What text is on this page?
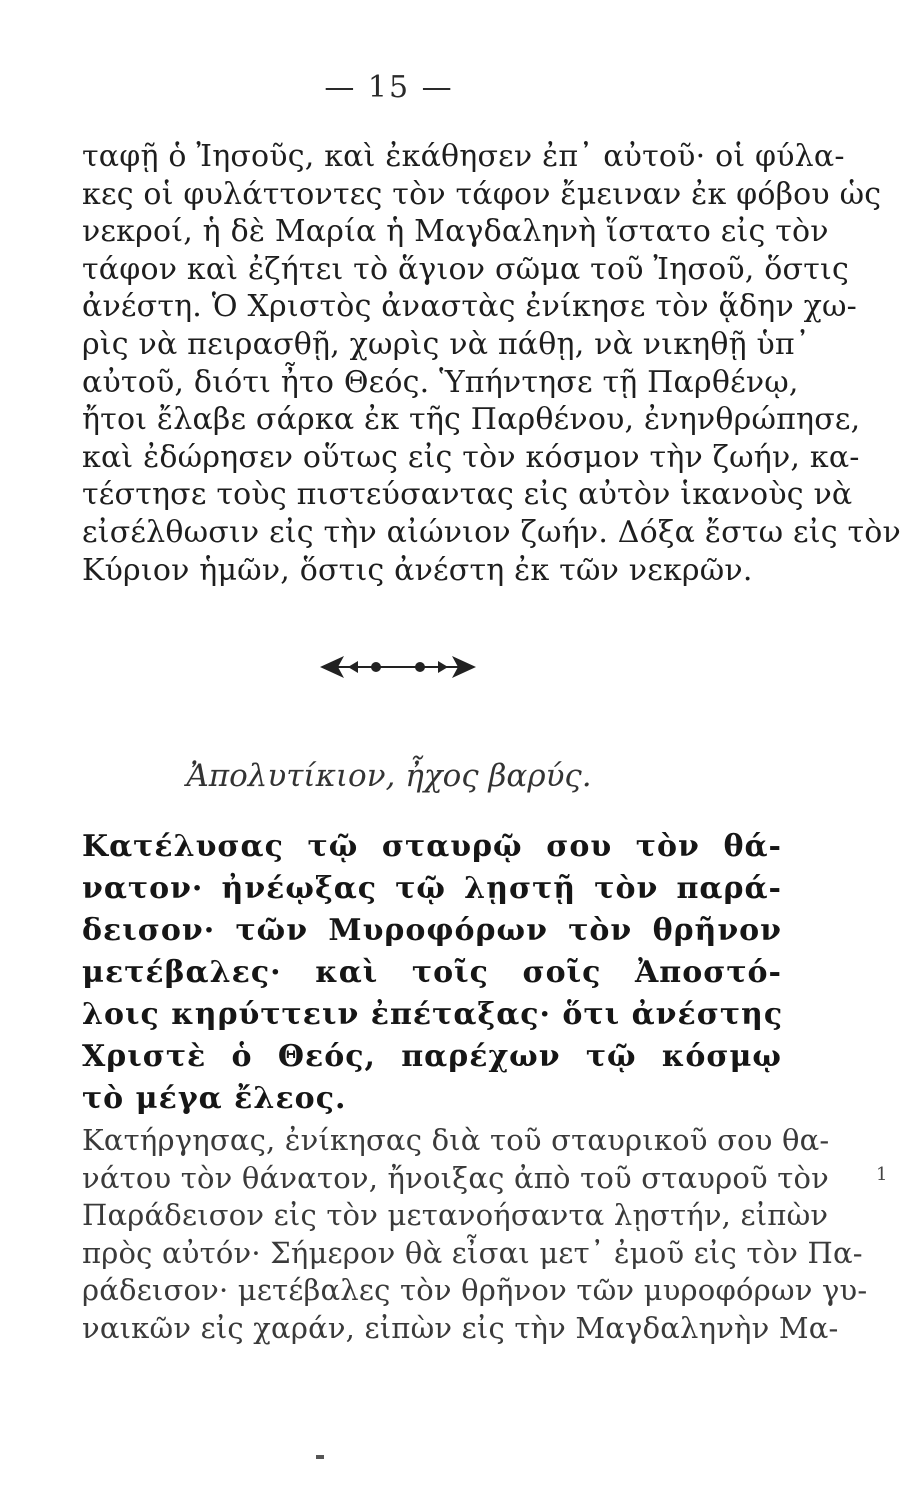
— 15 —
ταφῇ ὁ Ἰησοῦς, καὶ ἐκάθησεν ἐπ᾿ αὐτοῦ· οἱ φύλα-
κες οἱ φυλάττοντες τὸν τάφον ἔμειναν ἐκ φόβου ὡς
νεκροί, ἡ δὲ Μαρία ἡ Μαγδαληνὴ ἵστατο εἰς τὸν
τάφον καὶ ἐζήτει τὸ ἅγιον σῶμα τοῦ Ἰησοῦ, ὅστις
ἀνέστη. Ὁ Χριστὸς ἀναστὰς ἐνίκησε τὸν ᾅδην χω-
ρὶς νὰ πειρασθῇ, χωρὶς νὰ πάθῃ, νὰ νικηθῇ ὑπ᾿
αὐτοῦ, διότι ἦτο Θεός. Ὑπήντησε τῇ Παρθένῳ,
ἤτοι ἔλαβε σάρκα ἐκ τῆς Παρθένου, ἐνηνθρώπησε,
καὶ ἐδώρησεν οὕτως εἰς τὸν κόσμον τὴν ζωήν, κα-
τέστησε τοὺς πιστεύσαντας εἰς αὐτὸν ἱκανοὺς νὰ
εἰσέλθωσιν εἰς τὴν αἰώνιον ζωήν. Δόξα ἔστω εἰς τὸν
Κύριον ἡμῶν, ὅστις ἀνέστη ἐκ τῶν νεκρῶν.
Ἀπολυτίκιον, ἦχος βαρύς.
Κατέλυσας τῷ σταυρῷ σου τὸν θά-
νατον· ἠνέῳξας τῷ λῃστῇ τὸν παρά-
δεισον· τῶν Μυροφόρων τὸν θρῆνον
μετέβαλες· καὶ τοῖς σοῖς Ἀποστό-
λοις κηρύττειν ἐπέταξας· ὅτι ἀνέστης
Χριστὲ ὁ Θεός, παρέχων τῷ κόσμῳ
τὸ μέγα ἔλεος.
Κατήργησας, ἐνίκησας διὰ τοῦ σταυρικοῦ σου θα-
νάτου τὸν θάνατον, ἤνοιξας ἀπὸ τοῦ σταυροῦ τὸν
Παράδεισον εἰς τὸν μετανοήσαντα λῃστήν, εἰπὼν
πρὸς αὐτόν· Σήμερον θὰ εἶσαι μετ᾿ ἐμοῦ εἰς τὸν Πα-
ράδεισον· μετέβαλες τὸν θρῆνον τῶν μυροφόρων γυ-
ναικῶν εἰς χαράν, εἰπὼν εἰς τὴν Μαγδαληνὴν Μα-
1
